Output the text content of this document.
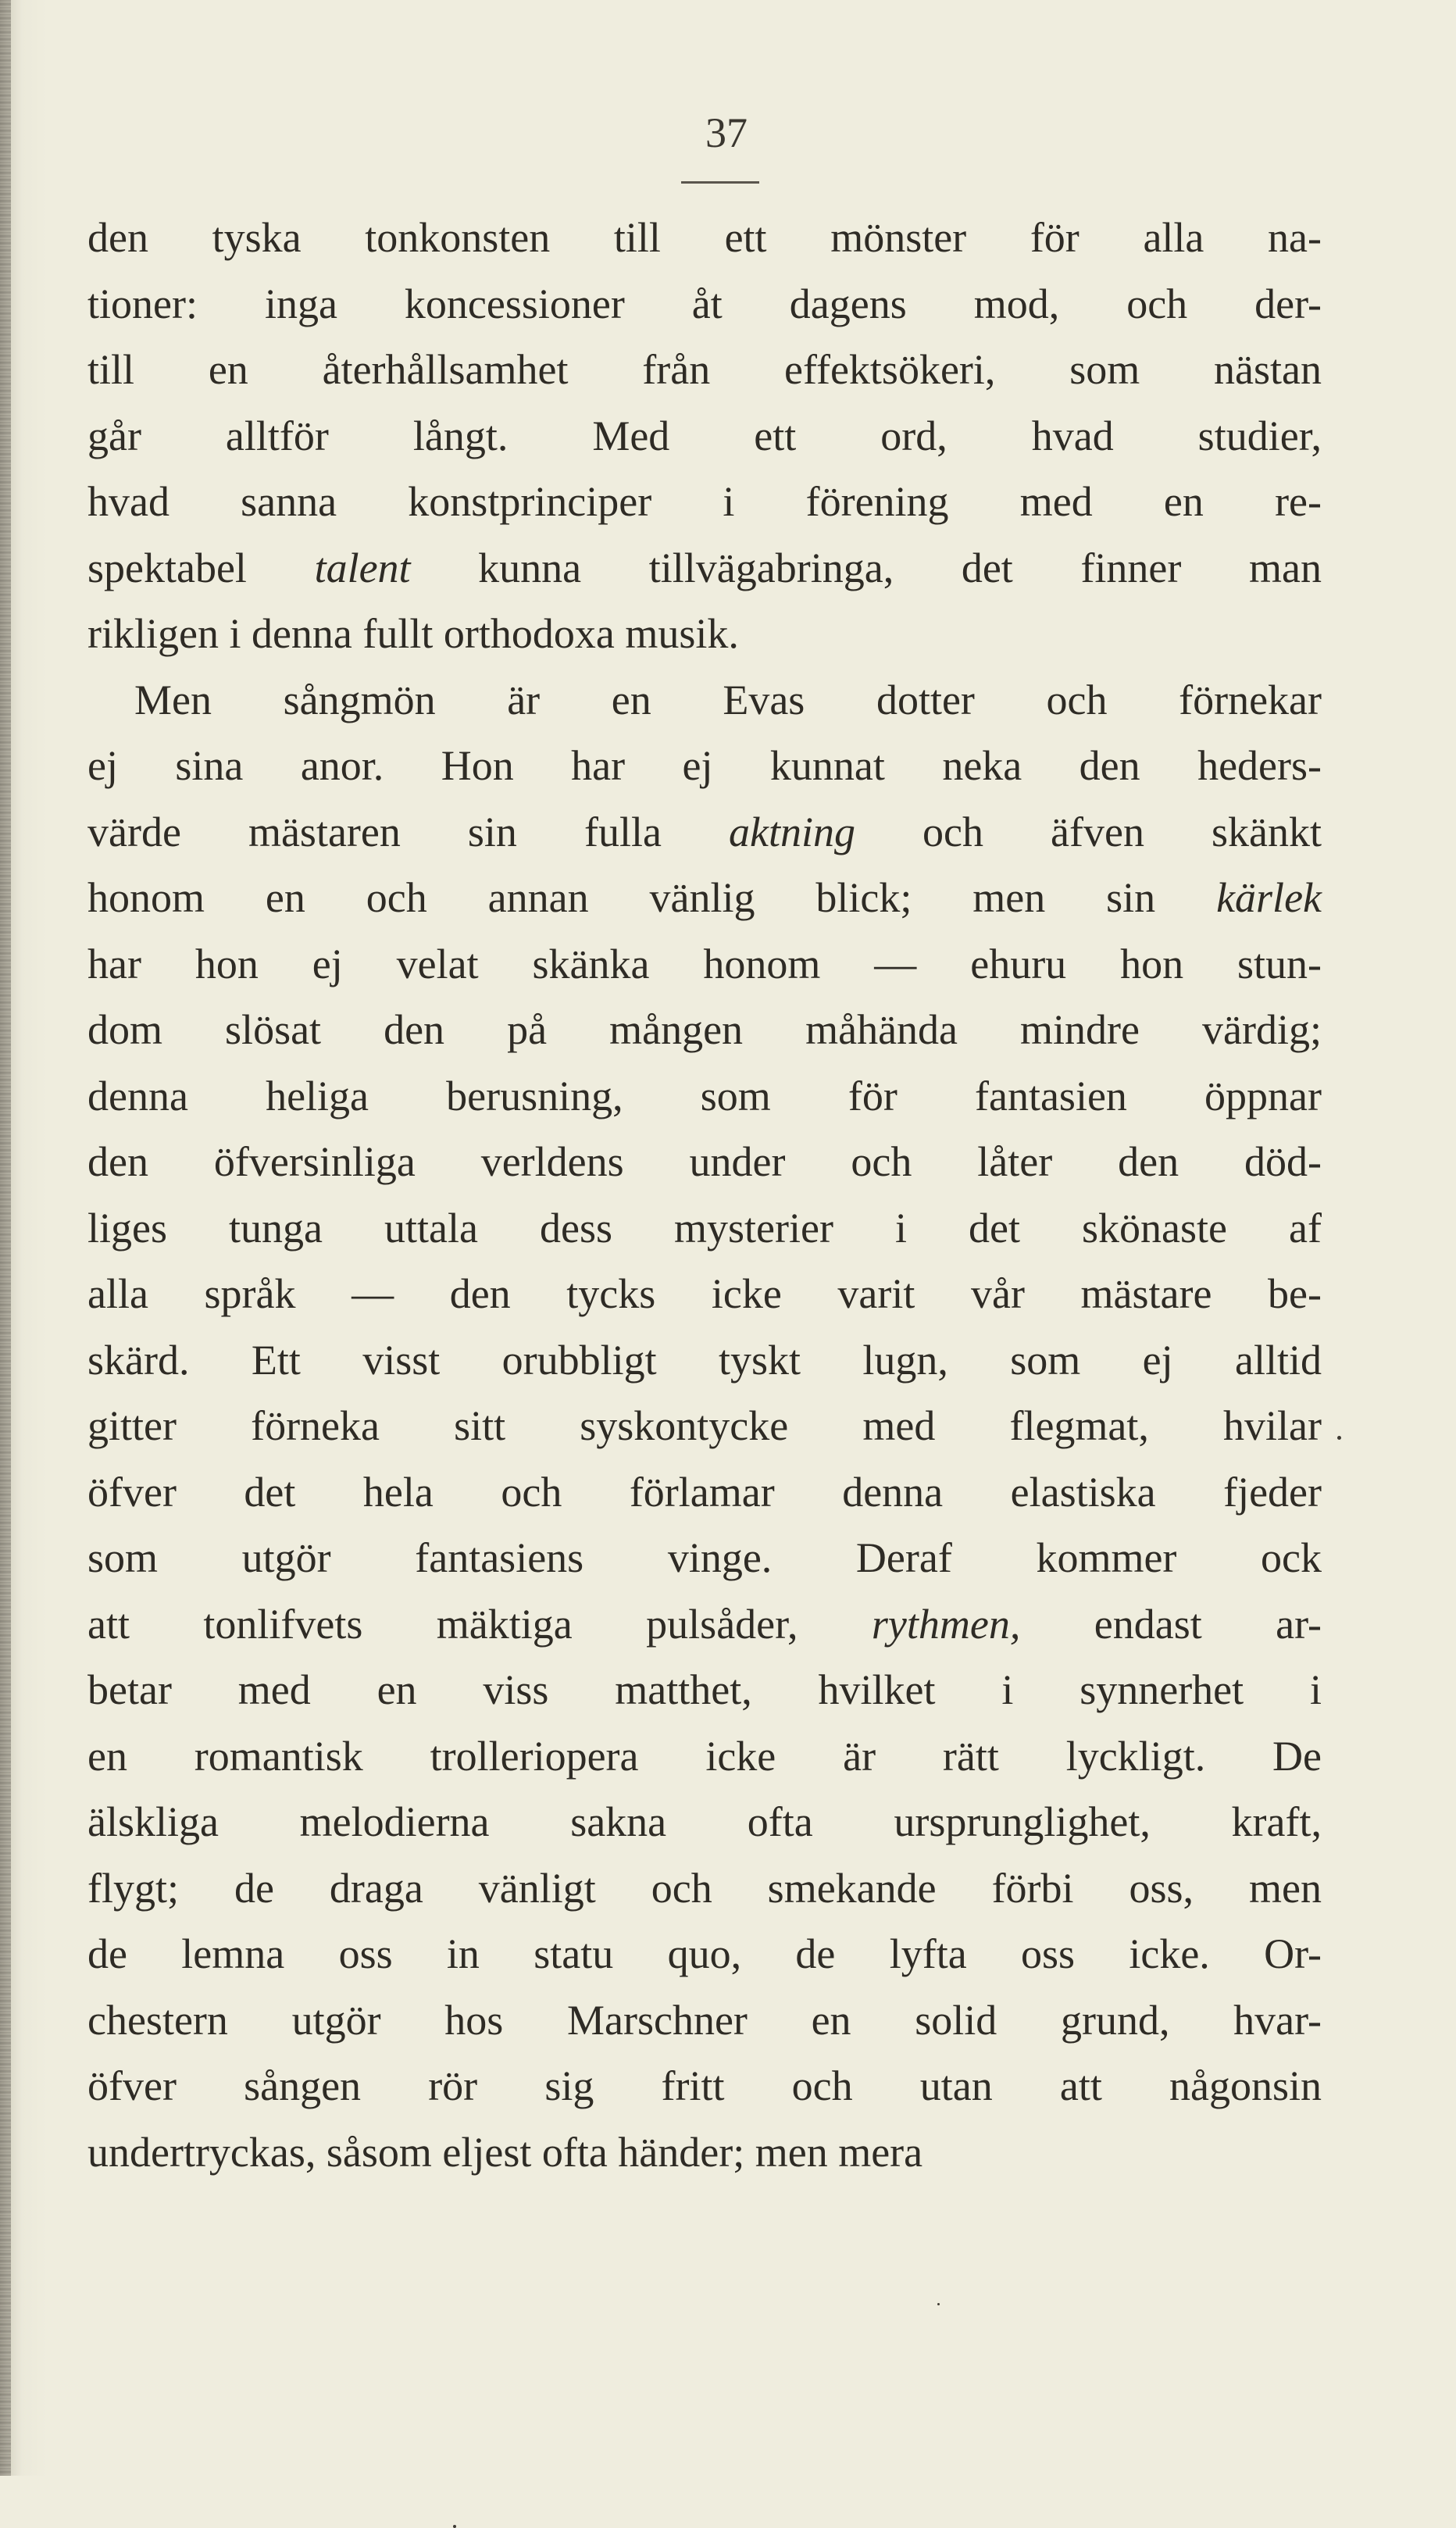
37
den tyska tonkonsten till ett mönster för alla na-
tioner: inga koncessioner åt dagens mod, och der-
till en återhållsamhet från effektsökeri, som nästan
går alltför långt. Med ett ord, hvad studier,
hvad sanna konstprinciper i förening med en re-
spektabel talent kunna tillvägabringa, det finner man
rikligen i denna fullt orthodoxa musik.
Men sångmön är en Evas dotter och förnekar
ej sina anor. Hon har ej kunnat neka den heders-
värde mästaren sin fulla aktning och äfven skänkt
honom en och annan vänlig blick; men sin kärlek
har hon ej velat skänka honom — ehuru hon stun-
dom slösat den på mången måhända mindre värdig;
denna heliga berusning, som för fantasien öppnar
den öfversinliga verldens under och låter den död-
liges tunga uttala dess mysterier i det skönaste af
alla språk — den tycks icke varit vår mästare be-
skärd. Ett visst orubbligt tyskt lugn, som ej alltid
gitter förneka sitt syskontycke med flegmat, hvilar
öfver det hela och förlamar denna elastiska fjeder
som utgör fantasiens vinge. Deraf kommer ock
att tonlifvets mäktiga pulsåder, rythmen, endast ar-
betar med en viss matthet, hvilket i synnerhet i
en romantisk trolleriopera icke är rätt lyckligt. De
älskliga melodierna sakna ofta ursprunglighet, kraft,
flygt; de draga vänligt och smekande förbi oss, men
de lemna oss in statu quo, de lyfta oss icke. Or-
chestern utgör hos Marschner en solid grund, hvar-
öfver sången rör sig fritt och utan att någonsin
undertryckas, såsom eljest ofta händer; men mera
